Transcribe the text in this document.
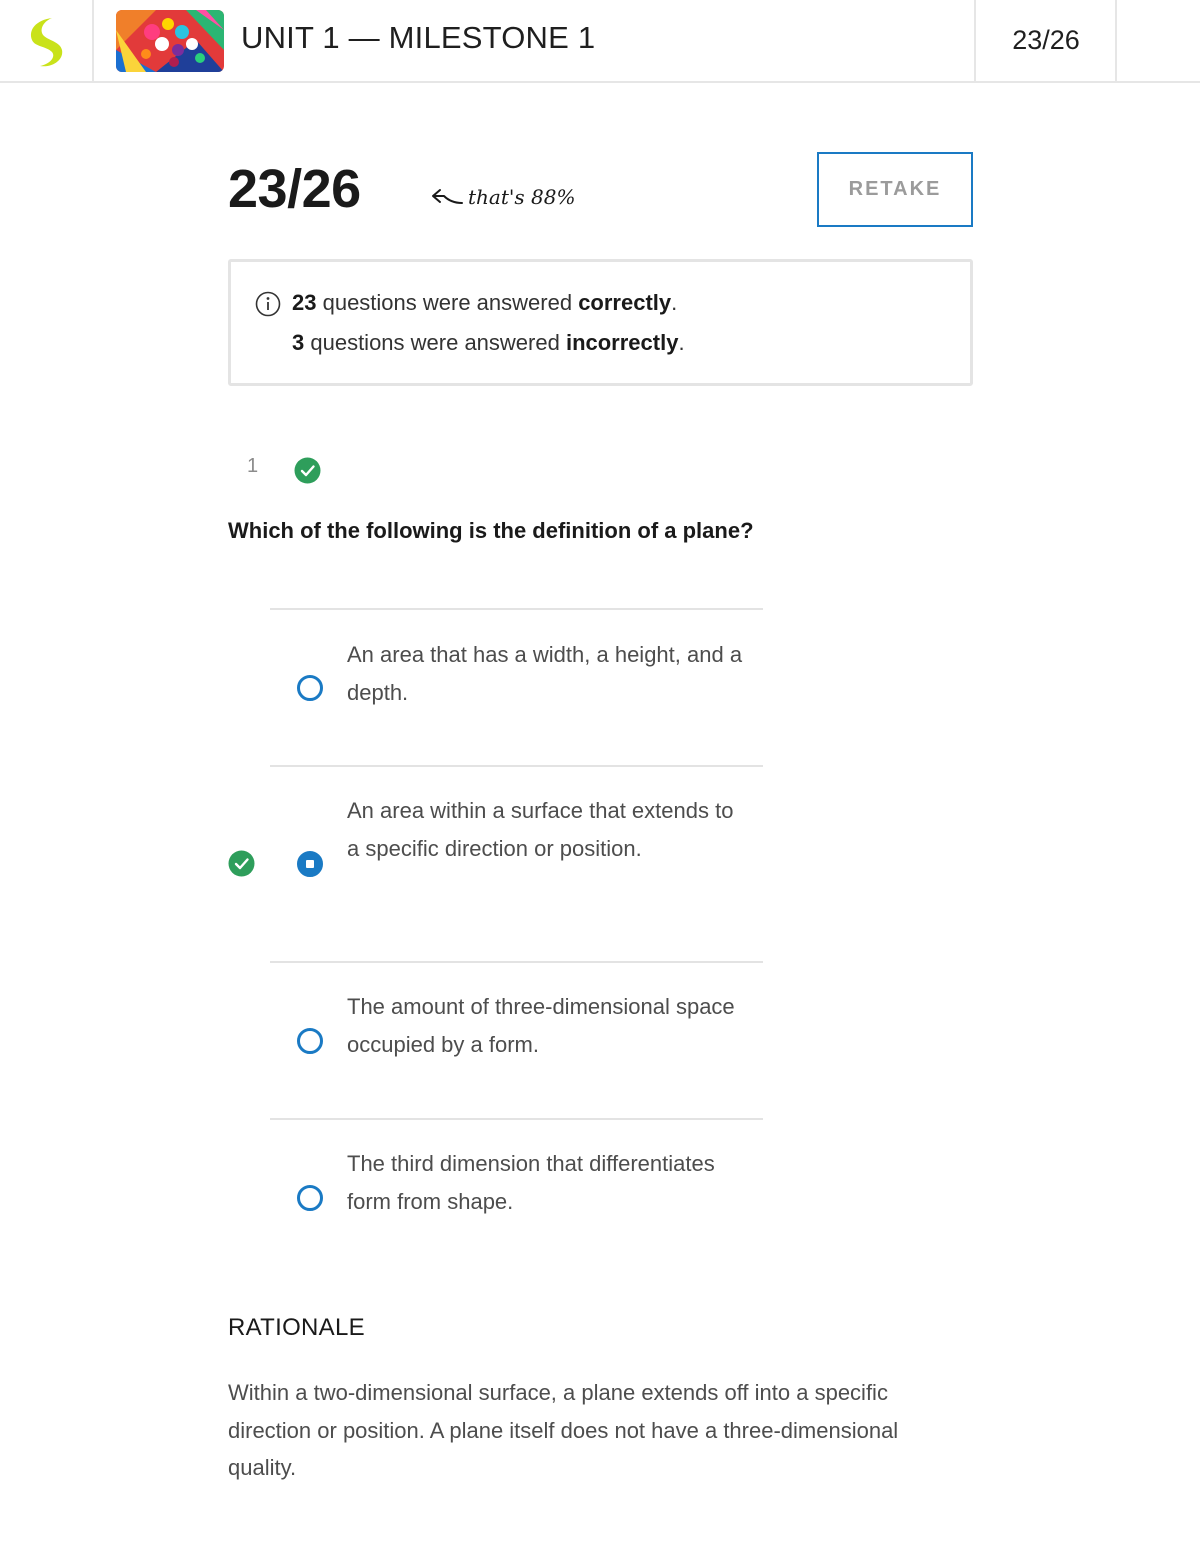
UNIT 1 — MILESTONE 1	23/26
23/26	that's 88%	RETAKE
23 questions were answered correctly.
3 questions were answered incorrectly.
1
Which of the following is the definition of a plane?
An area that has a width, a height, and a depth.
An area within a surface that extends to a specific direction or position.
The amount of three-dimensional space occupied by a form.
The third dimension that differentiates form from shape.
RATIONALE
Within a two-dimensional surface, a plane extends off into a specific direction or position. A plane itself does not have a three-dimensional quality.
